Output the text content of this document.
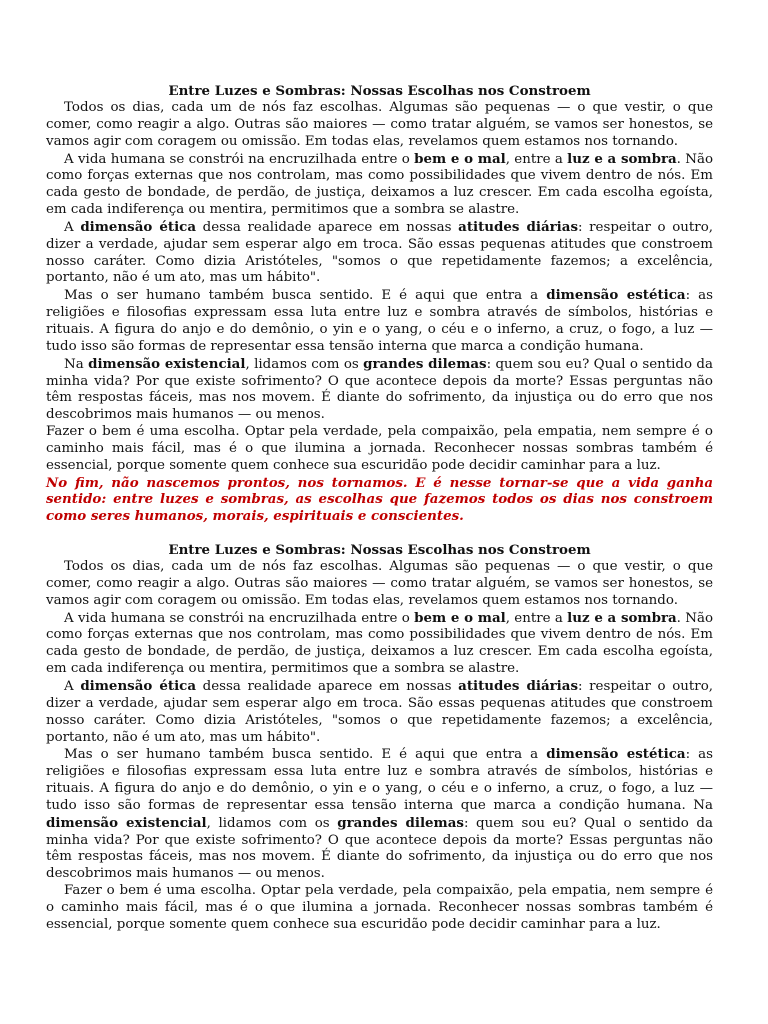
Entre Luzes e Sombras: Nossas Escolhas nos Constroem

Todos os dias, cada um de nós faz escolhas. Algumas são pequenas — o que vestir, o que comer, como reagir a algo. Outras são maiores — como tratar alguém, se vamos ser honestos, se vamos agir com coragem ou omissão. Em todas elas, revelamos quem estamos nos tornando.

A vida humana se constrói na encruzilhada entre o bem e o mal, entre a luz e a sombra. Não como forças externas que nos controlam, mas como possibilidades que vivem dentro de nós. Em cada gesto de bondade, de perdão, de justiça, deixamos a luz crescer. Em cada escolha egoísta, em cada indiferença ou mentira, permitimos que a sombra se alastre.

A dimensão ética dessa realidade aparece em nossas atitudes diárias: respeitar o outro, dizer a verdade, ajudar sem esperar algo em troca. São essas pequenas atitudes que constroem nosso caráter. Como dizia Aristóteles, "somos o que repetidamente fazemos; a excelência, portanto, não é um ato, mas um hábito".

Mas o ser humano também busca sentido. E é aqui que entra a dimensão estética: as religiões e filosofias expressam essa luta entre luz e sombra através de símbolos, histórias e rituais. A figura do anjo e do demônio, o yin e o yang, o céu e o inferno, a cruz, o fogo, a luz — tudo isso são formas de representar essa tensão interna que marca a condição humana.

Na dimensão existencial, lidamos com os grandes dilemas: quem sou eu? Qual o sentido da minha vida? Por que existe sofrimento? O que acontece depois da morte? Essas perguntas não têm respostas fáceis, mas nos movem. É diante do sofrimento, da injustiça ou do erro que nos descobrimos mais humanos — ou menos.

Fazer o bem é uma escolha. Optar pela verdade, pela compaixão, pela empatia, nem sempre é o caminho mais fácil, mas é o que ilumina a jornada. Reconhecer nossas sombras também é essencial, porque somente quem conhece sua escuridão pode decidir caminhar para a luz.

No fim, não nascemos prontos, nos tornamos. E é nesse tornar-se que a vida ganha sentido: entre luzes e sombras, as escolhas que fazemos todos os dias nos constroem como seres humanos, morais, espirituais e conscientes.

Entre Luzes e Sombras: Nossas Escolhas nos Constroem

Todos os dias, cada um de nós faz escolhas. Algumas são pequenas — o que vestir, o que comer, como reagir a algo. Outras são maiores — como tratar alguém, se vamos ser honestos, se vamos agir com coragem ou omissão. Em todas elas, revelamos quem estamos nos tornando.

A vida humana se constrói na encruzilhada entre o bem e o mal, entre a luz e a sombra. Não como forças externas que nos controlam, mas como possibilidades que vivem dentro de nós. Em cada gesto de bondade, de perdão, de justiça, deixamos a luz crescer. Em cada escolha egoísta, em cada indiferença ou mentira, permitimos que a sombra se alastre.

A dimensão ética dessa realidade aparece em nossas atitudes diárias: respeitar o outro, dizer a verdade, ajudar sem esperar algo em troca. São essas pequenas atitudes que constroem nosso caráter. Como dizia Aristóteles, "somos o que repetidamente fazemos; a excelência, portanto, não é um ato, mas um hábito".

Mas o ser humano também busca sentido. E é aqui que entra a dimensão estética: as religiões e filosofias expressam essa luta entre luz e sombra através de símbolos, histórias e rituais. A figura do anjo e do demônio, o yin e o yang, o céu e o inferno, a cruz, o fogo, a luz — tudo isso são formas de representar essa tensão interna que marca a condição humana. Na dimensão existencial, lidamos com os grandes dilemas: quem sou eu? Qual o sentido da minha vida? Por que existe sofrimento? O que acontece depois da morte? Essas perguntas não têm respostas fáceis, mas nos movem. É diante do sofrimento, da injustiça ou do erro que nos descobrimos mais humanos — ou menos.

Fazer o bem é uma escolha. Optar pela verdade, pela compaixão, pela empatia, nem sempre é o caminho mais fácil, mas é o que ilumina a jornada. Reconhecer nossas sombras também é essencial, porque somente quem conhece sua escuridão pode decidir caminhar para a luz.
